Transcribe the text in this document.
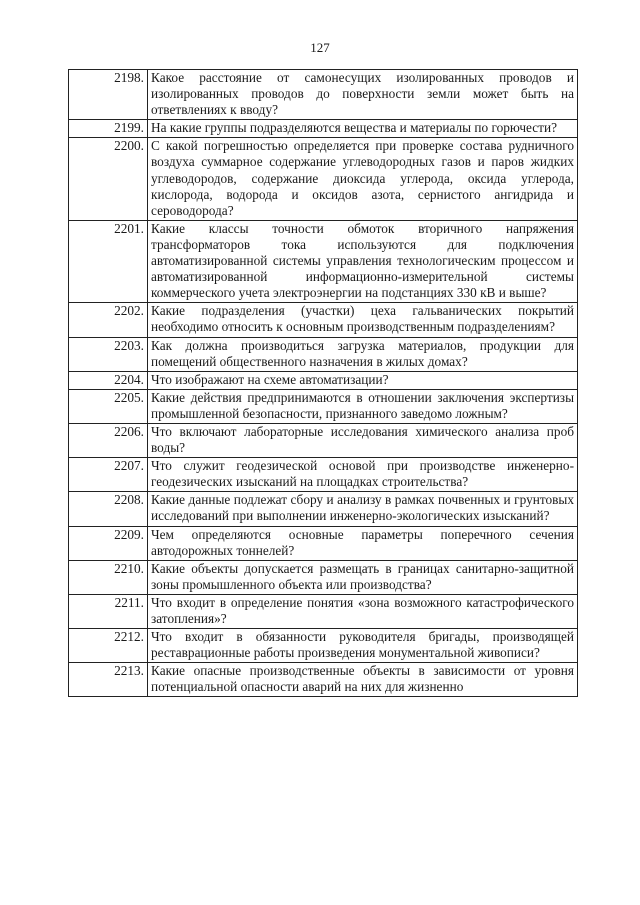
127
2198.	Какое расстояние от самонесущих изолированных проводов и изолированных проводов до поверхности земли может быть на ответвлениях к вводу?
2199.	На какие группы подразделяются вещества и материалы по горючести?
2200.	С какой погрешностью определяется при проверке состава рудничного воздуха суммарное содержание углеводородных газов и паров жидких углеводородов, содержание диоксида углерода, оксида углерода, кислорода, водорода и оксидов азота, сернистого ангидрида и сероводорода?
2201.	Какие классы точности обмоток вторичного напряжения трансформаторов тока используются для подключения автоматизированной системы управления технологическим процессом и автоматизированной информационно-измерительной системы коммерческого учета электроэнергии на подстанциях 330 кВ и выше?
2202.	Какие подразделения (участки) цеха гальванических покрытий необходимо относить к основным производственным подразделениям?
2203.	Как должна производиться загрузка материалов, продукции для помещений общественного назначения в жилых домах?
2204.	Что изображают на схеме автоматизации?
2205.	Какие действия предпринимаются в отношении заключения экспертизы промышленной безопасности, признанного заведомо ложным?
2206.	Что включают лабораторные исследования химического анализа проб воды?
2207.	Что служит геодезической основой при производстве инженерно-геодезических изысканий на площадках строительства?
2208.	Какие данные подлежат сбору и анализу в рамках почвенных и грунтовых исследований при выполнении инженерно-экологических изысканий?
2209.	Чем определяются основные параметры поперечного сечения автодорожных тоннелей?
2210.	Какие объекты допускается размещать в границах санитарно-защитной зоны промышленного объекта или производства?
2211.	Что входит в определение понятия «зона возможного катастрофического затопления»?
2212.	Что входит в обязанности руководителя бригады, производящей реставрационные работы произведения монументальной живописи?
2213.	Какие опасные производственные объекты в зависимости от уровня потенциальной опасности аварий на них для жизненно
